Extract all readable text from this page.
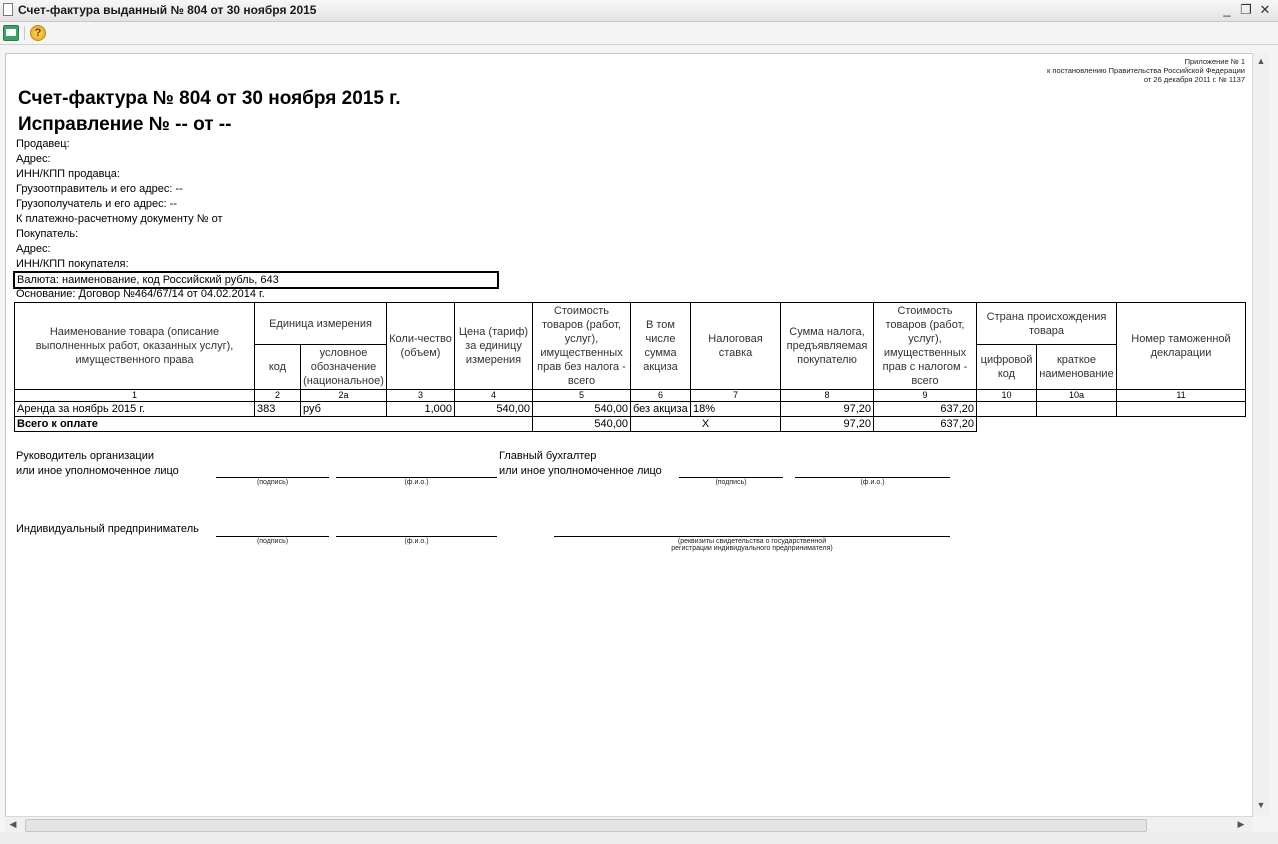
Счет-фактура выданный № 804 от 30 ноября 2015	_ ❐ ✕
?
Приложение № 1
к постановлению Правительства Российской Федерации
от 26 декабря 2011 г. № 1137
Счет-фактура № 804 от 30 ноября 2015 г.
Исправление № -- от --
Продавец:
Адрес:
ИНН/КПП продавца:
Грузоотправитель и его адрес: --
Грузополучатель и его адрес: --
К платежно-расчетному документу № от
Покупатель:
Адрес:
ИНН/КПП покупателя:
Валюта: наименование, код Российский рубль, 643
Основание: Договор №464/67/14 от 04.02.2014 г.
Наименование товара (описание выполненных работ, оказанных услуг), имущественного права	Единица измерения		Коли-чество (объем)	Цена (тариф) за единицу измерения	Стоимость товаров (работ, услуг), имущественных прав без налога - всего	В том числе сумма акциза	Налоговая ставка	Сумма налога, предъявляемая покупателю	Стоимость товаров (работ, услуг), имущественных прав с налогом - всего	Страна происхождения товара		Номер таможенной декларации
	код	условное обозначение (национальное)								цифровой код	краткое наименование	
1	2	2а	3	4	5	6	7	8	9	10	10а	11
Аренда за ноябрь 2015 г.	383	руб	1,000	540,00	540,00	без акциза	18%	97,20	637,20			
Всего к оплате					540,00	X		97,20	637,20			
Руководитель организации
или иное уполномоченное лицо
(подпись)	(ф.и.о.)
Главный бухгалтер
или иное уполномоченное лицо
(подпись)	(ф.и.о.)
Индивидуальный предприниматель
(подпись)	(ф.и.о.)	(реквизиты свидетельства о государственной
регистрации индивидуального предпринимателя)
▲
▼
◀	▶
